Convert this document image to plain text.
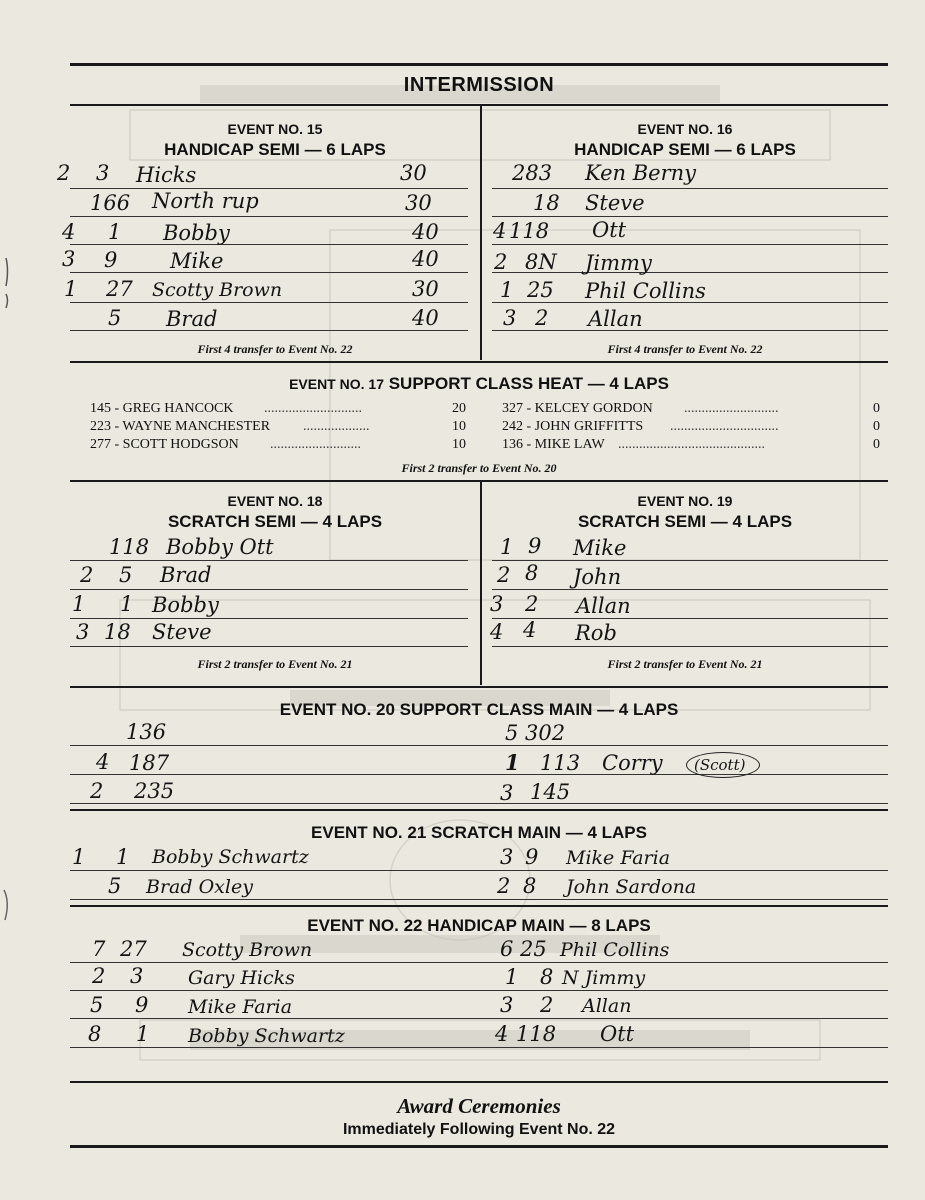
INTERMISSION
EVENT NO. 15
HANDICAP SEMI — 6 LAPS
2 3 Hicks	30
166 North rup	30
4 1 Bobby	40
3 9	Mike	40
1 27 Scotty Brown	30
5 Brad	40
First 4 transfer to Event No. 22
EVENT NO. 16
HANDICAP SEMI — 6 LAPS
283 Ken Berny
18 Steve
4 118 Ott
2 8N Jimmy
1 25 Phil Collins
3 2 Allan
First 4 transfer to Event No. 22
EVENT NO. 17 SUPPORT CLASS HEAT — 4 LAPS
145 - GREG HANCOCK ............................	20
223 - WAYNE MANCHESTER ...................	10
277 - SCOTT HODGSON ..........................	10
327 - KELCEY GORDON ...........................	0
242 - JOHN GRIFFITTS ...............................	0
136 - MIKE LAW ..........................................	0
First 2 transfer to Event No. 20
EVENT NO. 18
SCRATCH SEMI — 4 LAPS
118 Bobby Ott
2 5 Brad
1 1 Bobby
3 18 Steve
First 2 transfer to Event No. 21
EVENT NO. 19
SCRATCH SEMI — 4 LAPS
1 9 Mike
2 8 John
3 2 Allan
4 4 Rob
First 2 transfer to Event No. 21
EVENT NO. 20 SUPPORT CLASS MAIN — 4 LAPS
136
4 187
2 235
5 302
1 113 Corry (Scott)
3 145
EVENT NO. 21 SCRATCH MAIN — 4 LAPS
1 1 Bobby Schwartz
5 Brad Oxley
3 9 Mike Faria
2 8 John Sardona
EVENT NO. 22 HANDICAP MAIN — 8 LAPS
7 27 Scotty Brown
2 3 Gary Hicks
5 9 Mike Faria
8 1 Bobby Schwartz
6 25 Phil Collins
1 8 N Jimmy
3 2 Allan
4 118 Ott
Award Ceremonies
Immediately Following Event No. 22
